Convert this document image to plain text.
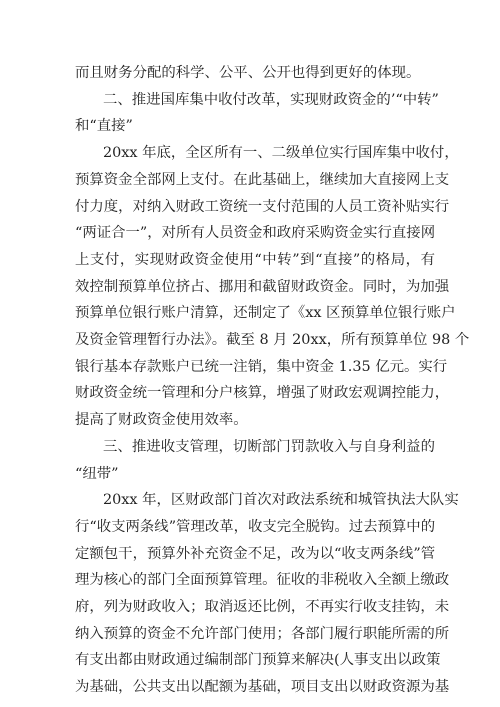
而且财务分配的科学、公平、公开也得到更好的体现。
二、推进国库集中收付改革，实现财政资金的’“中转”
和“直接”
20xx 年底，全区所有一、二级单位实行国库集中收付，
预算资金全部网上支付。在此基础上，继续加大直接网上支
付力度，对纳入财政工资统一支付范围的人员工资补贴实行
“两证合一”，对所有人员资金和政府采购资金实行直接网
上支付，实现财政资金使用“中转”到“直接”的格局，有
效控制预算单位挤占、挪用和截留财政资金。同时，为加强
预算单位银行账户清算，还制定了《xx 区预算单位银行账户
及资金管理暂行办法》。截至 8 月 20xx，所有预算单位 98 个
银行基本存款账户已统一注销，集中资金 1.35 亿元。实行
财政资金统一管理和分户核算，增强了财政宏观调控能力，
提高了财政资金使用效率。
三、推进收支管理，切断部门罚款收入与自身利益的
“纽带”
20xx 年，区财政部门首次对政法系统和城管执法大队实
行“收支两条线”管理改革，收支完全脱钩。过去预算中的
定额包干，预算外补充资金不足，改为以“收支两条线”管
理为核心的部门全面预算管理。征收的非税收入全额上缴政
府，列为财政收入；取消返还比例，不再实行收支挂钩，未
纳入预算的资金不允许部门使用；各部门履行职能所需的所
有支出都由财政通过编制部门预算来解决(人事支出以政策
为基础，公共支出以配额为基础，项目支出以财政资源为基
